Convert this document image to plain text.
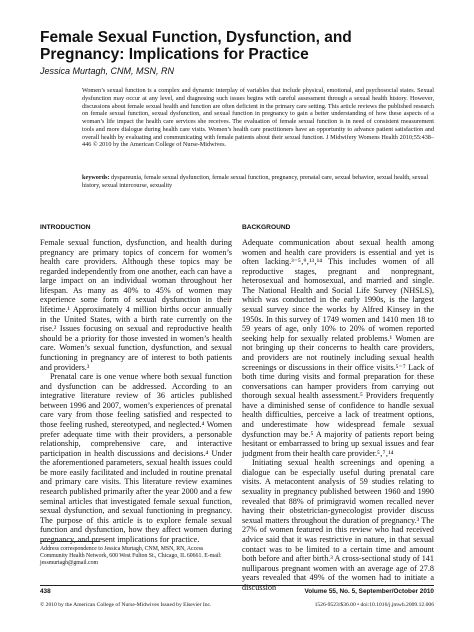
Female Sexual Function, Dysfunction, and Pregnancy: Implications for Practice
Jessica Murtagh, CNM, MSN, RN
Women’s sexual function is a complex and dynamic interplay of variables that include physical, emotional, and psychosocial states. Sexual dysfunction may occur at any level, and diagnosing such issues begins with careful assessment through a sexual health history. However, discussions about female sexual health and function are often deficient in the primary care setting. This article reviews the published research on female sexual function, sexual dysfunction, and sexual function in pregnancy to gain a better understanding of how these aspects of a woman’s life impact the health care services she receives. The evaluation of female sexual function is in need of consistent measurement tools and more dialogue during health care visits. Women’s health care practitioners have an opportunity to advance patient satisfaction and overall health by evaluating and communicating with female patients about their sexual function. J Midwifery Womens Health 2010;55:438–446 © 2010 by the American College of Nurse-Midwives.
keywords: dyspareunia, female sexual dysfunction, female sexual function, pregnancy, prenatal care, sexual behavior, sexual health, sexual history, sexual intercourse, sexuality
INTRODUCTION

Female sexual function, dysfunction, and health during pregnancy are primary topics of concern for women’s health care providers. Although these topics may be regarded independently from one another, each can have a large impact on an individual woman throughout her lifespan. As many as 40% to 45% of women may experience some form of sexual dysfunction in their lifetime.¹ Approximately 4 million births occur annually in the United States, with a birth rate currently on the rise.² Issues focusing on sexual and reproductive health should be a priority for those invested in women’s health care. Women’s sexual function, dysfunction, and sexual functioning in pregnancy are of interest to both patients and providers.³

Prenatal care is one venue where both sexual function and dysfunction can be addressed. According to an integrative literature review of 36 articles published between 1996 and 2007, women’s experiences of prenatal care vary from those feeling satisfied and respected to those feeling rushed, stereotyped, and neglected.⁴ Women prefer adequate time with their providers, a personable relationship, comprehensive care, and interactive participation in health discussions and decisions.⁴ Under the aforementioned parameters, sexual health issues could be more easily facilitated and included in routine prenatal and primary care visits. This literature review examines research published primarily after the year 2000 and a few seminal articles that investigated female sexual function, sexual dysfunction, and sexual functioning in pregnancy. The purpose of this article is to explore female sexual function and dysfunction, how they affect women during pregnancy, and present implications for practice.

Address correspondence to Jessica Murtagh, CNM, MSN, RN, Access Community Health Network, 600 West Fulton St., Chicago, IL 60661. E-mail: jessmurtagh@gmail.com
BACKGROUND

Adequate communication about sexual health among women and health care providers is essential and yet is often lacking.³⁻⁵‚⁹‚¹³‚¹⁴ This includes women of all reproductive stages, pregnant and nonpregnant, heterosexual and homosexual, and married and single. The National Health and Social Life Survey (NHSLS), which was conducted in the early 1990s, is the largest sexual survey since the works by Alfred Kinsey in the 1950s. In this survey of 1749 women and 1410 men 18 to 59 years of age, only 10% to 20% of women reported seeking help for sexually related problems.¹ Women are not bringing up their concerns to health care providers, and providers are not routinely including sexual health screenings or discussions in their office visits.⁵⁻⁷ Lack of both time during visits and formal preparation for these conversations can hamper providers from carrying out thorough sexual health assessment.⁵ Providers frequently have a diminished sense of confidence to handle sexual health difficulties, perceive a lack of treatment options, and underestimate how widespread female sexual dysfunction may be.⁵ A majority of patients report being hesitant or embarrassed to bring up sexual issues and fear judgment from their health care provider.⁵‚⁷‚¹⁴

Initiating sexual health screenings and opening a dialogue can be especially useful during prenatal care visits. A metacontent analysis of 59 studies relating to sexuality in pregnancy published between 1960 and 1990 revealed that 88% of primigravid women recalled never having their obstetrician-gynecologist provider discuss sexual matters throughout the duration of pregnancy.³ The 27% of women featured in this review who had received advice said that it was restrictive in nature, in that sexual contact was to be limited to a certain time and amount both before and after birth.³ A cross-sectional study of 141 nulliparous pregnant women with an average age of 27.8 years revealed that 49% of the women had to initiate a discussion

438	Volume 55, No. 5, September/October 2010
© 2010 by the American College of Nurse-Midwives Issued by Elsevier Inc.	1526-9523/$36.00 • doi:10.1016/j.jmwh.2009.12.006
